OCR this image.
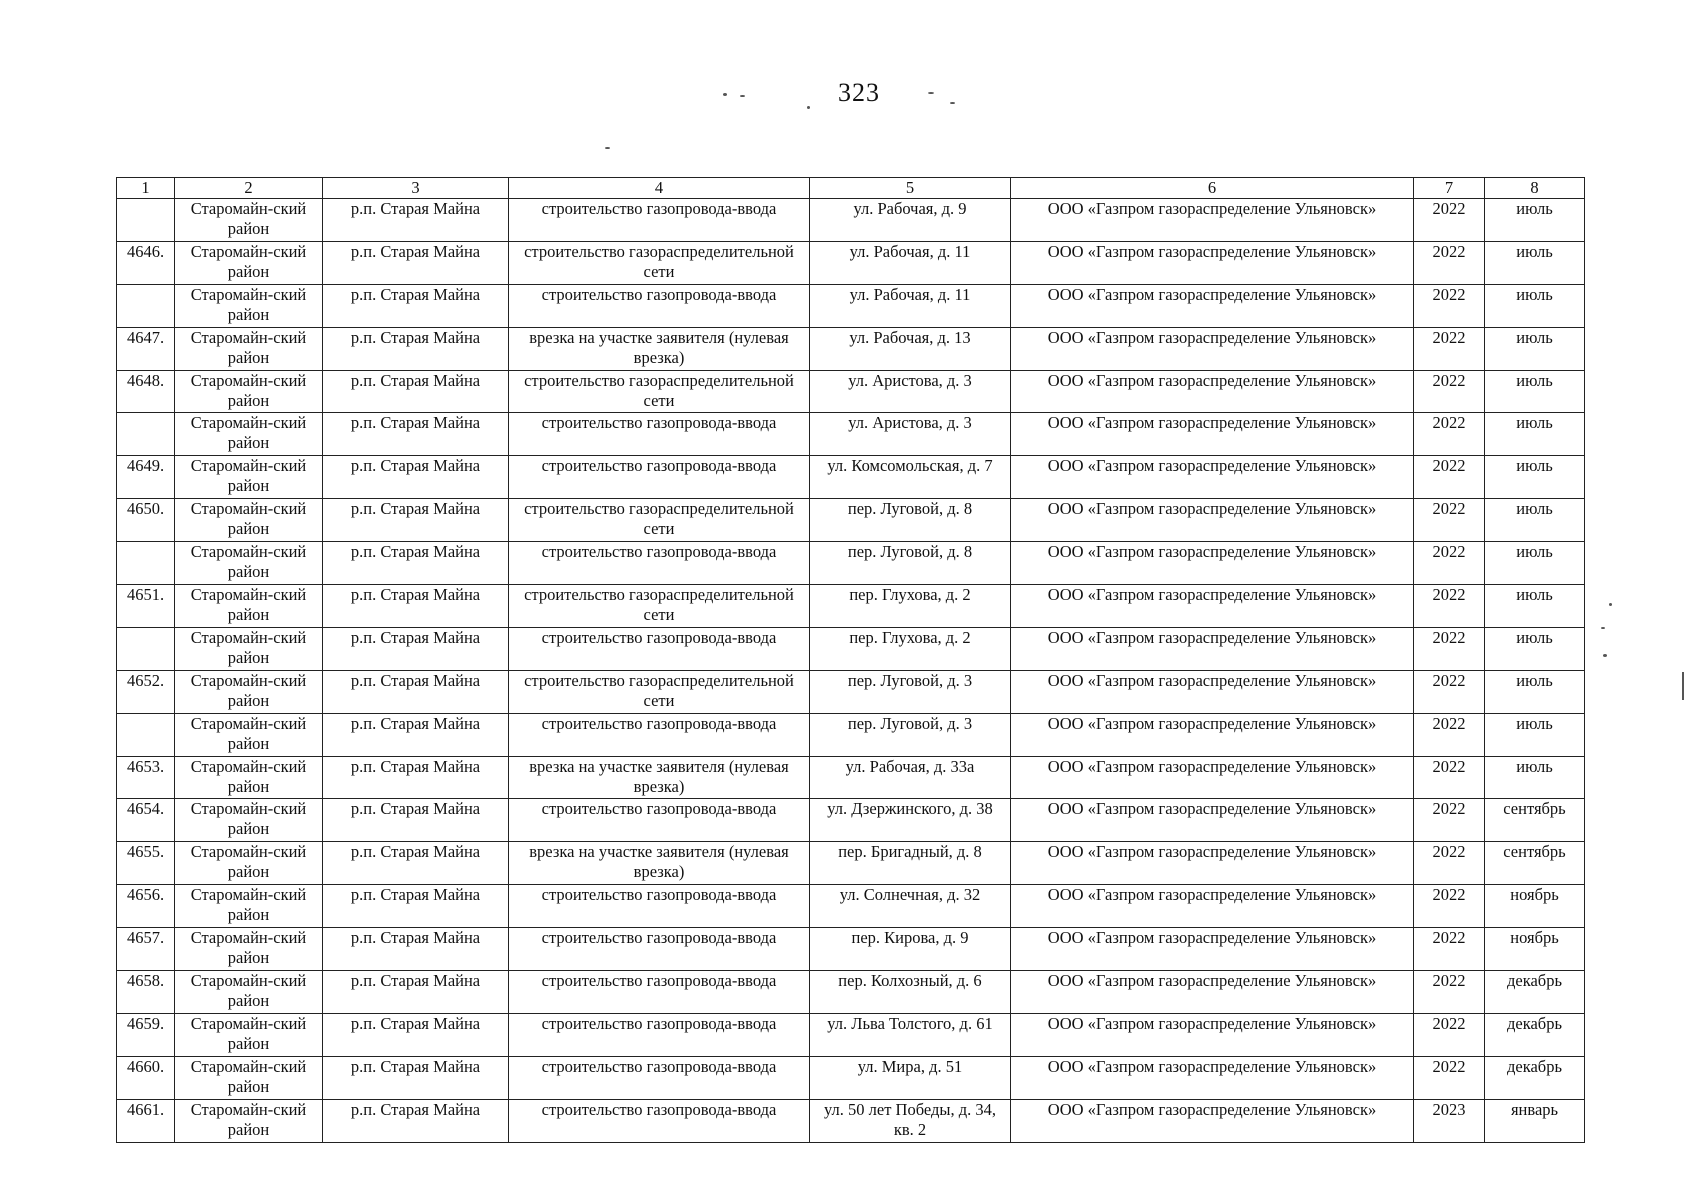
323
1	2	3	4	5	6	7	8
	Старомайн-ский район	р.п. Старая Майна	строительство газопровода-ввода	ул. Рабочая, д. 9	ООО «Газпром газораспределение Ульяновск»	2022	июль
4646.	Старомайн-ский район	р.п. Старая Майна	строительство газораспределительной сети	ул. Рабочая, д. 11	ООО «Газпром газораспределение Ульяновск»	2022	июль
	Старомайн-ский район	р.п. Старая Майна	строительство газопровода-ввода	ул. Рабочая, д. 11	ООО «Газпром газораспределение Ульяновск»	2022	июль
4647.	Старомайн-ский район	р.п. Старая Майна	врезка на участке заявителя (нулевая врезка)	ул. Рабочая, д. 13	ООО «Газпром газораспределение Ульяновск»	2022	июль
4648.	Старомайн-ский район	р.п. Старая Майна	строительство газораспределительной сети	ул. Аристова, д. 3	ООО «Газпром газораспределение Ульяновск»	2022	июль
	Старомайн-ский район	р.п. Старая Майна	строительство газопровода-ввода	ул. Аристова, д. 3	ООО «Газпром газораспределение Ульяновск»	2022	июль
4649.	Старомайн-ский район	р.п. Старая Майна	строительство газопровода-ввода	ул. Комсомольская, д. 7	ООО «Газпром газораспределение Ульяновск»	2022	июль
4650.	Старомайн-ский район	р.п. Старая Майна	строительство газораспределительной сети	пер. Луговой, д. 8	ООО «Газпром газораспределение Ульяновск»	2022	июль
	Старомайн-ский район	р.п. Старая Майна	строительство газопровода-ввода	пер. Луговой, д. 8	ООО «Газпром газораспределение Ульяновск»	2022	июль
4651.	Старомайн-ский район	р.п. Старая Майна	строительство газораспределительной сети	пер. Глухова, д. 2	ООО «Газпром газораспределение Ульяновск»	2022	июль
	Старомайн-ский район	р.п. Старая Майна	строительство газопровода-ввода	пер. Глухова, д. 2	ООО «Газпром газораспределение Ульяновск»	2022	июль
4652.	Старомайн-ский район	р.п. Старая Майна	строительство газораспределительной сети	пер. Луговой, д. 3	ООО «Газпром газораспределение Ульяновск»	2022	июль
	Старомайн-ский район	р.п. Старая Майна	строительство газопровода-ввода	пер. Луговой, д. 3	ООО «Газпром газораспределение Ульяновск»	2022	июль
4653.	Старомайн-ский район	р.п. Старая Майна	врезка на участке заявителя (нулевая врезка)	ул. Рабочая, д. 33а	ООО «Газпром газораспределение Ульяновск»	2022	июль
4654.	Старомайн-ский район	р.п. Старая Майна	строительство газопровода-ввода	ул. Дзержинского, д. 38	ООО «Газпром газораспределение Ульяновск»	2022	сентябрь
4655.	Старомайн-ский район	р.п. Старая Майна	врезка на участке заявителя (нулевая врезка)	пер. Бригадный, д. 8	ООО «Газпром газораспределение Ульяновск»	2022	сентябрь
4656.	Старомайн-ский район	р.п. Старая Майна	строительство газопровода-ввода	ул. Солнечная, д. 32	ООО «Газпром газораспределение Ульяновск»	2022	ноябрь
4657.	Старомайн-ский район	р.п. Старая Майна	строительство газопровода-ввода	пер. Кирова, д. 9	ООО «Газпром газораспределение Ульяновск»	2022	ноябрь
4658.	Старомайн-ский район	р.п. Старая Майна	строительство газопровода-ввода	пер. Колхозный, д. 6	ООО «Газпром газораспределение Ульяновск»	2022	декабрь
4659.	Старомайн-ский район	р.п. Старая Майна	строительство газопровода-ввода	ул. Льва Толстого, д. 61	ООО «Газпром газораспределение Ульяновск»	2022	декабрь
4660.	Старомайн-ский район	р.п. Старая Майна	строительство газопровода-ввода	ул. Мира, д. 51	ООО «Газпром газораспределение Ульяновск»	2022	декабрь
4661.	Старомайн-ский район	р.п. Старая Майна	строительство газопровода-ввода	ул. 50 лет Победы, д. 34, кв. 2	ООО «Газпром газораспределение Ульяновск»	2023	январь
